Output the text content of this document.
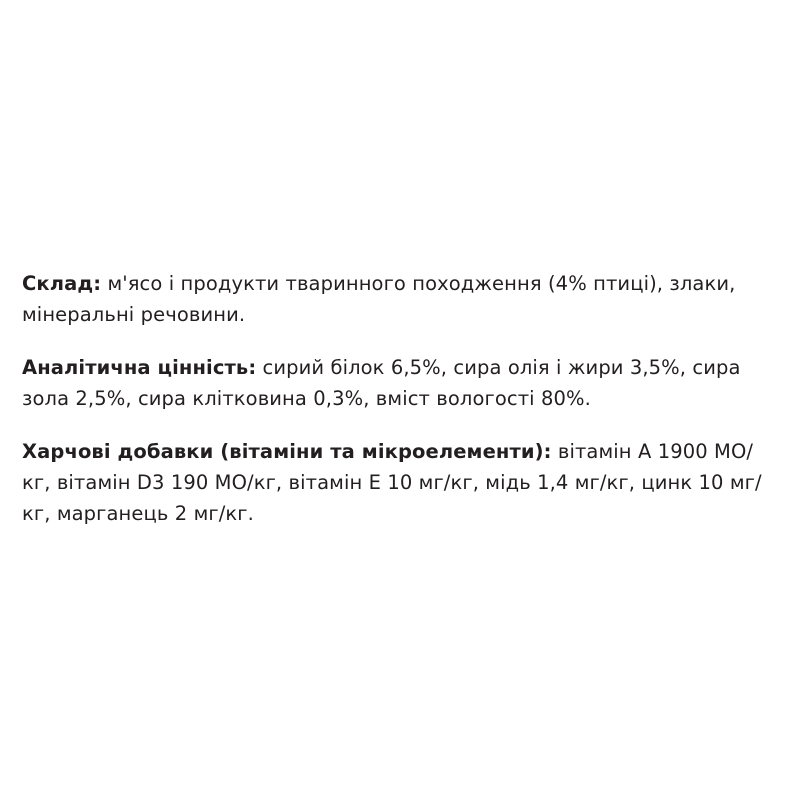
Склад: м'ясо і продукти тваринного походження (4% птиці), злаки, мінеральні речовини.

Аналітична цінність: сирий білок 6,5%, сира олія і жири 3,5%, сира зола 2,5%, сира клітковина 0,3%, вміст вологості 80%.

Харчові добавки (вітаміни та мікроелементи): вітамін А 1900 МО/кг, вітамін D3 190 МО/кг, вітамін Е 10 мг/кг, мідь 1,4 мг/кг, цинк 10 мг/кг, марганець 2 мг/кг.
